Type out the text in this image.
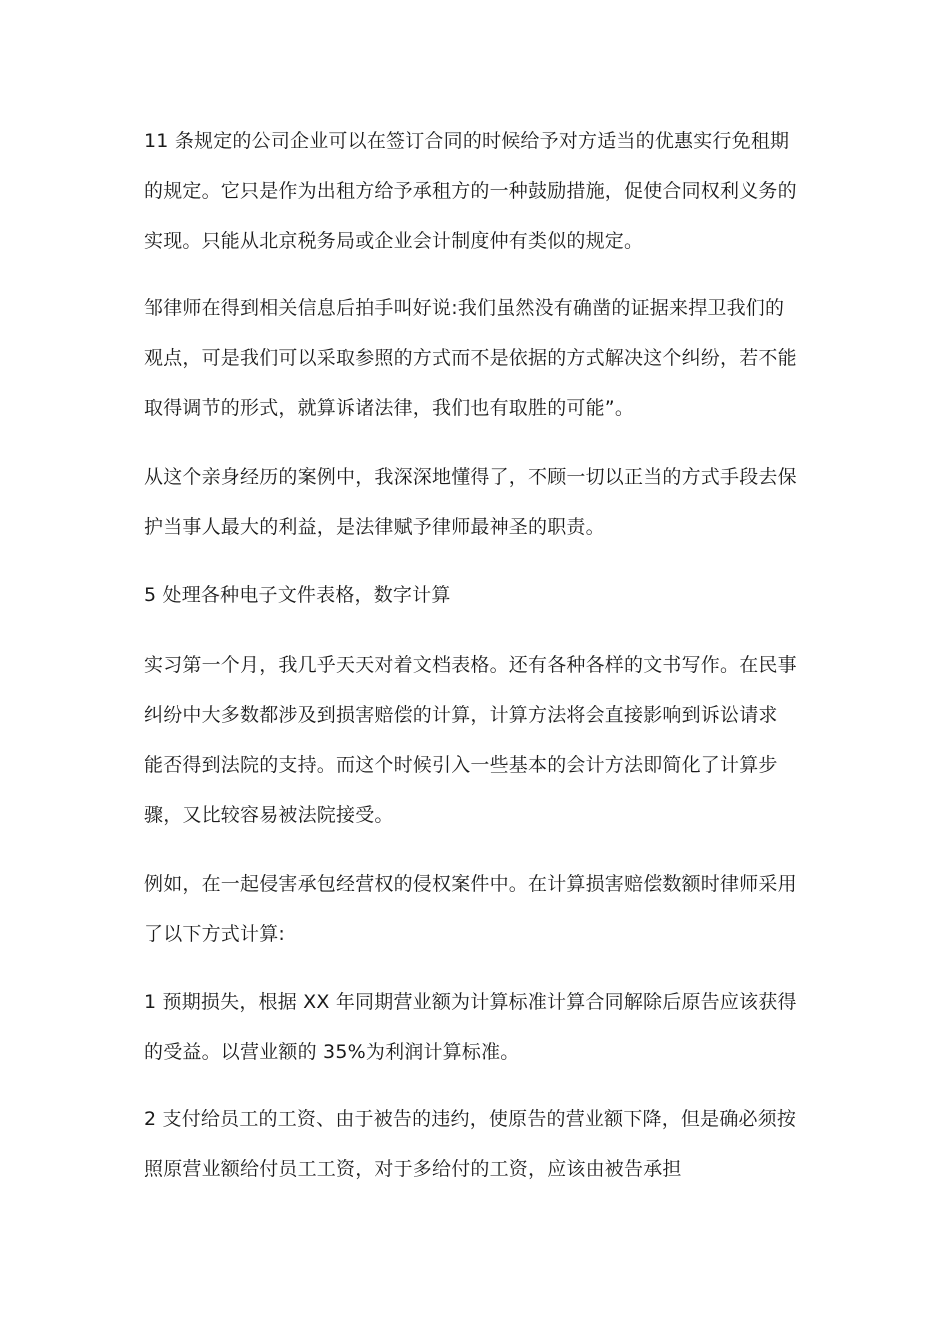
11 条规定的公司企业可以在签订合同的时候给予对方适当的优惠实行免租期
的规定。它只是作为出租方给予承租方的一种鼓励措施，促使合同权利义务的
实现。只能从北京税务局或企业会计制度仲有类似的规定。
邹律师在得到相关信息后拍手叫好说:我们虽然没有确凿的证据来捍卫我们的
观点，可是我们可以采取参照的方式而不是依据的方式解决这个纠纷，若不能
取得调节的形式，就算诉诸法律，我们也有取胜的可能”。
从这个亲身经历的案例中，我深深地懂得了，不顾一切以正当的方式手段去保
护当事人最大的利益，是法律赋予律师最神圣的职责。
5 处理各种电子文件表格，数字计算
实习第一个月，我几乎天天对着文档表格。还有各种各样的文书写作。在民事
纠纷中大多数都涉及到损害赔偿的计算，计算方法将会直接影响到诉讼请求
能否得到法院的支持。而这个时候引入一些基本的会计方法即简化了计算步
骤，又比较容易被法院接受。
例如，在一起侵害承包经营权的侵权案件中。在计算损害赔偿数额时律师采用
了以下方式计算:
1 预期损失，根据 XX 年同期营业额为计算标准计算合同解除后原告应该获得
的受益。以营业额的 35%为利润计算标准。
2 支付给员工的工资、由于被告的违约，使原告的营业额下降，但是确必须按
照原营业额给付员工工资，对于多给付的工资，应该由被告承担
